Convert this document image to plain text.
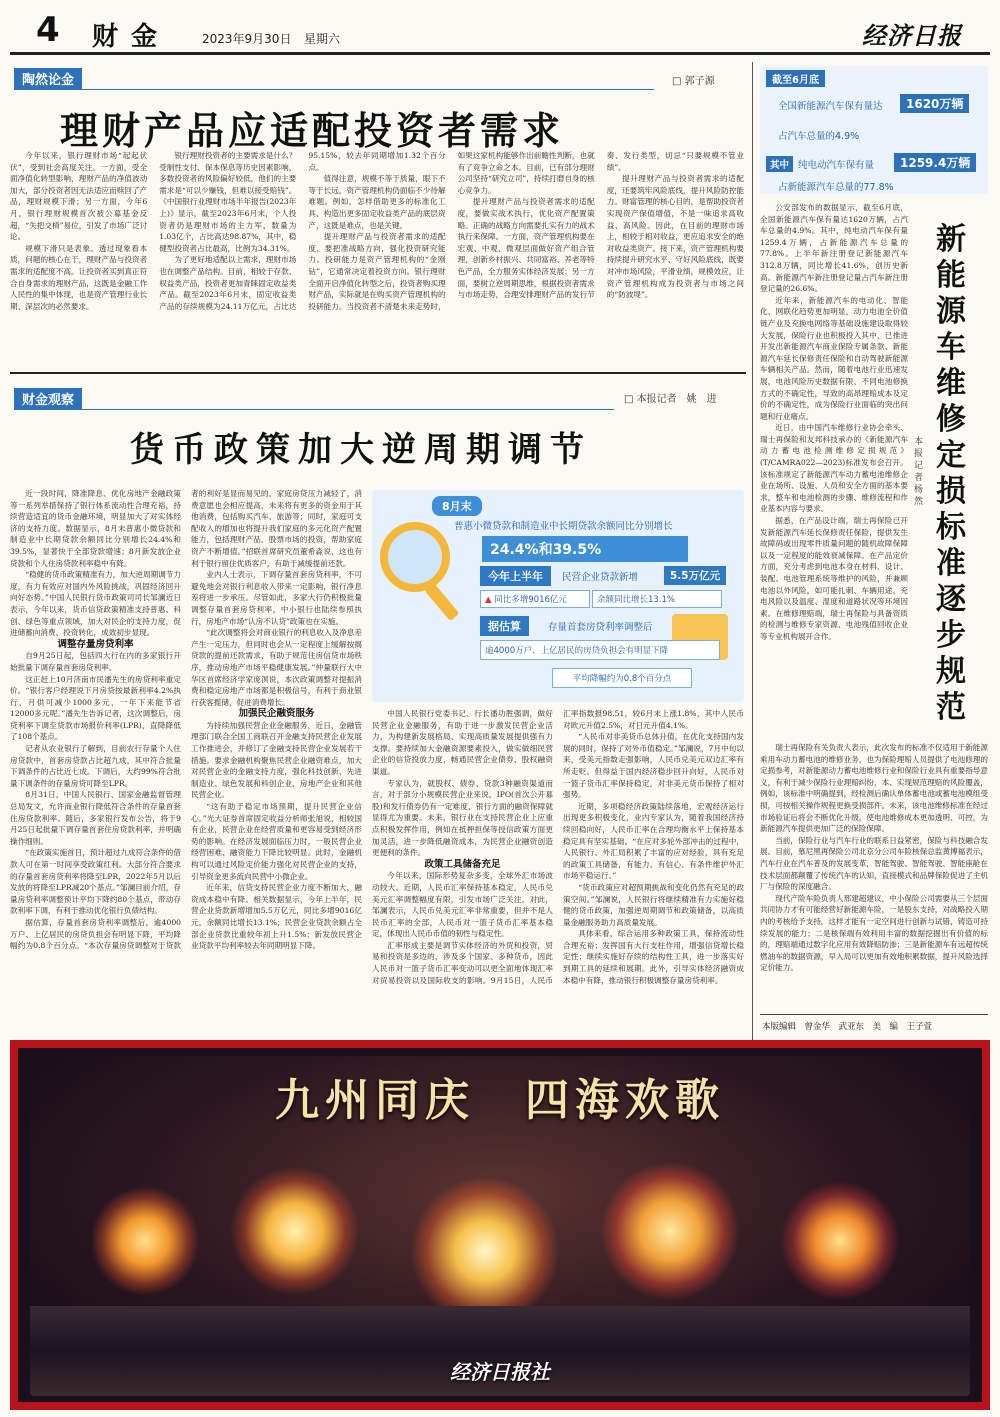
4 财 金	2023年9月30日 星期六	经济日报
陶然论金	□ 郭子源
理财产品应适配投资者需求

今年以来，银行理财市场“起起伏伏”，受到社会高度关注。一方面，受全面净值化转型影响，理财产品的净值波动加大，部分投资者因无法适应而赎回了产品，理财规模下滑；另一方面，今年6月，银行理财规模首次被公募基金反超，“失把交椅”易位，引发了市场广泛讨论。

规模下滑只是表象。透过现象看本质，问题的核心在于，理财产品与投资者需求的适配度不高。让投资者买到真正符合自身需求的理财产品，这既是金融工作人民性的集中体现，也是资产管理行业长期、深层次的必然要求。

银行理财投资者的主要需求是什么？受制性支付、保本保息等历史因素影响，多数投资者的风险偏好较低，他们的主要需求是“可以少赚钱，但难以接受赔钱”。《中国银行业理财市场半年报告(2023年上)》显示，截至2023年6月末，个人投资者仍是理财市场的主力军，数量为1.03亿个，占比高达98.87%，其中，稳健型投资者占比最高，比例为34.31%。

为了更好地适配以上需求，理财市场也在调整产品结构。目前，相较于存款、权益类产品，投资者更加青睐固定收益类产品。截至2023年6月末，固定收益类产品的存续规模为24.11万亿元，占比达95.15%，较去年同期增加1.32个百分点。

值得注意，规模不等于质量，眼下不等于长远，资产管理机构仍面临不少待解难题。例如，怎样借助更多的标准化工具、构造出更多固定收益类产品的底层资产，这既是难点，也是关键。

提升理财产品与投资者需求的适配度，要把准战略方向，强化投资研究能力。投研能力是资产管理机构的“金刚钻”，它通常决定着投资方向。银行理财全面开启净值化转型之后，投资者购买理财产品，实际就是在购买资产管理机构的投研能力。当投资者不清楚未来走势时，如果这家机构能够作出前瞻性判断，也就有了竞争立命之本。目前，已有部分理财公司坚持“研究立司”，持续打磨自身的核心竞争力。

提升理财产品与投资者需求的适配度，要做实战术执行，优化资产配置策略。正确的战略方向需要扎实有力的战术执行来保障。一方面，资产管理机构要在宏观、中观、微观层面做好资产组合管理，创新乡村振兴、共同富裕、养老等特色产品，全方服务实体经济发展；另一方面，要树立逆周期思维，根据投资者需求与市场走势，合理安排理财产品的发行节奏、发行类型，切忌“只要规模不管业绩”。

提升理财产品与投资者需求的适配度，还要筑牢风险底线，提升风险防控能力。财富管理的核心目的，是帮助投资者实现资产保值增值，不是一味追求高收益、高风险。因此，在目前的理财市场上，相较于相对收益，更应追求安全的绝对收益类资产。接下来，资产管理机构要持续提升研究水平、守好风险底线，既要对冲市场风险，平滑业绩，规模效应，让资产管理机构成为投资者与市场之间的“防波堤”。

财金观察	□ 本报记者　姚　进
货币政策加大逆周期调节

近一段时间，降准降息、优化房地产金融政策等一系列举措保持了银行体系流动性合理充裕，持续营造适宜的货币金融环境，明显加大了对实体经济的支持力度。数据显示，8月末普惠小微贷款和制造业中长期贷款余额同比分别增长24.4%和39.5%，显著快于全部贷款增速；8月新发放企业贷款和个人住房贷款利率稳中有降。

“稳健的货币政策精准有力，加大逆周期调节力度，有力有效应对国内外风险挑战，巩固经济回升向好态势。”中国人民银行货币政策司司长邹澜近日表示，今年以来，货币信贷政策精准支持普惠、科创、绿色等重点领域，加大对民企的支持力度，促进储蓄向消费、投资转化，成效初步显现。

调整存量房贷利率

自9月25日起，包括四大行在内的多家银行开始批量下调存量首套房贷利率。

这正赶上10月济南市民潘先生的房贷利率重定价。“银行客户经理说下月房贷按最新利率4.2%执行，月供可减少1000多元，一年下来能节省12000多元呢。”潘先生告诉记者，这次调整后，房贷利率下调至贷款市场报价利率(LPR)，直降降低了108个基点。

记者从农业银行了解到，目前农行存量个人住房贷款中，首套房贷款占比超九成，其中符合批量下调条件的占比近七成。下调后，大约99%符合批量下调条件的存量房贷可降至LPR。

8月31日，中国人民银行、国家金融监督管理总局发文，允许商业银行降低符合条件的存量首套住房贷款利率。随后，多家银行发布公告，将于9月25日起批量下调存量首套住房贷款利率，并明确操作细则。

“在政策实施首日，预计超过九成符合条件的借款人可在第一时间享受政策红利。大部分符合要求的存量首套房贷利率将降至LPR，2022年5月以后发放的将降至LPR减20个基点。”邹澜目前介绍，存量房贷利率调整预计平均下降约80个基点，带动存款利率下调，有利于推动优化银行负债结构。

据估算，存量首套房贷利率调整后，逾4000万户、上亿居民的房贷负担会有明显下降，平均降幅约为0.8个百分点。“本次存量房贷调整对于贷款者的利好是显而易见的。家庭房贷压力减轻了，消费意愿也会相应提高，未来将有更多的资金用于其他消费，包括购买汽车、旅游等；同时，家庭可支配收入的增加也将提升我们家庭的多元化资产配置能力，包括理财产品、股票市场的投资，帮助家庭资产不断增值。”招联首席研究员董希淼说，这也有利于银行留住优质客户，有助于减缓提前还款。

业内人士表示，下调存量首套房贷利率，不可避免地会对银行利息收入带来一定影响，银行净息差将进一步承压。尽管如此，多家大行仍积极批量调整存量首套房贷利率，中小银行也陆续参照执行，房地产市场“认房不认贷”政策也在实施。

“此次调整将会对商业银行的利息收入及净息差产生一定压力，但同时也会从一定程度上缓解按揭贷款的提前还款需求，有助于规范住房信贷市场秩序，推动房地产市场平稳健康发展。”仲量联行大中华区首席经济学家庞溟说，本次政策调整对提振消费和稳定房地产市场都是积极信号，有利于商业银行获客揽储，促进消费增长。

加强民企融资服务

为持续加强民营企业金融服务，近日，金融管理部门联合全国工商联召开金融支持民营企业发展工作推进会，并修订了金融支持民营企业发展若干措施。要求金融机构聚焦民营企业融资难点，加大对民营企业的金融支持力度，强化科技创新、先进制造业、绿色发展和科创企业、房地产企业和其他民营企业。

“这有助于稳定市场预期，提升民营企业信心。”光大证券首席固定收益分析师张旭说，相较国有企业，民营企业在经营质量和更容易受到经济形势的影响。在经济发展面临压力时，一般民营企业经营困难、融资能力下降比较明显。此时，金融机构可以通过风险定价能力强化对民营企业的支持，引导资金更多流向民营中小微企业。

近年来，信贷支持民营企业力度不断加大，融资成本稳中有降。相关数据显示，今年上半年，民营企业贷款新增增加5.5万亿元，同比多增9016亿元，余额同比增长13.1%；民营企业贷款余额占全部企业贷款比重较年初上升1.5%；新发放民营企业贷款平均利率较去年同期明显下降。

8月末
普惠小微贷款和制造业中长期贷款余额同比分别增长
24.4%和39.5%
今年上半年	民营企业贷款新增	5.5万亿元
▲ 同比多增9016亿元	余额同比增长13.1%
据估算	存量首套房贷利率调整后
逾4000万户、上亿居民的房贷负担会有明显下降
平均降幅约为0.8个百分点

中国人民银行党委书记、行长潘功胜强调，做好民营企业金融服务，有助于进一步激发民营企业活力，为构建新发展格局、实现高质量发展提供强有力支撑。要持续加大金融资源要素投入，做实做细民营企业的信贷投放力度，畅通民营企业债券、股权融资渠道。

专家认为，就股权、债券、贷款3种融资渠道而言，对于部分小规模民营企业来说，IPO(首次公开募股)和发行债券仍有一定难度，银行方面的融资保障就显得尤为重要。未来，银行业在支持民营企业上应重点积极发挥作用，例如在抵押担保等授信政策方面更加灵活，进一步降低融资成本，为民营企业融资创造更便利的条件。

政策工具储备充足

今年以来，国际形势复杂多变，全球外汇市场波动较大。近期，人民币汇率保持基本稳定，人民币兑美元汇率调整幅度有限，引发市场广泛关注。对此，邹澜表示，人民币兑美元汇率非常重要，但并不是人民币汇率的全部，人民币对一篮子货币汇率基本稳定，体现出人民币币值的韧性与稳定性。

汇率形成主要是调节实体经济的外贸和投资，贸易和投资是多边的，涉及多个国家、多种货币，因此人民币对一篮子货币汇率变动可以更全面地体现汇率对贸易投资以及国际收支的影响。9月15日，人民币汇率指数报98.51，较6月末上涨1.8%，其中人民币对欧元升值2.5%，对日元升值4.1%。

“人民币对非美货币总体升值，在优化支持国内发展的同时，保持了对外币值稳定。”邹澜说，7月中旬以来，受美元指数走强影响，人民币兑美元双边汇率有所走贬。但得益于国内经济稳步回升向好，人民币对一篮子货币汇率保持稳定，对非美元货币保持了相对强势。

近期，多项稳经济政策陆续落地，宏观经济运行出现更多积极变化，业内专家认为，随着我国经济持续回稳向好，人民币汇率在合理均衡水平上保持基本稳定具有坚实基础。“在应对多轮外部冲击的过程中，人民银行、外汇局积累了丰富的应对经验，具有充足的政策工具储备，有能力、有信心、有条件维护外汇市场平稳运行。”

“货币政策应对超预期挑战和变化仍然有充足的政策空间。”邹澜说，人民银行将继续精准有力实施好稳健的货币政策，加强逆周期调节和政策储备，以高质量金融服务助力高质量发展。

具体来看，综合运用多种政策工具，保持流动性合理充裕；发挥国有大行支柱作用，增强信贷增长稳定性；继续实施好存续的结构性工具，进一步落实好到期工具的延续和展期。此外，引导实体经济融资成本稳中有降，推动银行积极调整存量房贷利率。

截至6月底
全国新能源汽车保有量达	1620万辆
占汽车总量的4.9%
其中 纯电动汽车保有量	1259.4万辆
占新能源汽车总量的77.8%
新能源车维修定损标准逐步规范
本报记者　杨　然

公安部发布的数据显示，截至6月底，全国新能源汽车保有量达1620万辆，占汽车总量的4.9%。其中，纯电动汽车保有量1259.4万辆，占新能源汽车总量的77.8%。上半年新注册登记新能源汽车312.8万辆，同比增长41.6%，创历史新高。新能源汽车新注册登记量占汽车新注册登记量的26.6%。

近年来，新能源汽车的电动化、智能化、网联化趋势更加明显，动力电池全价值链产业及充换电网络等基础设施建设取得较大发展，保险行业也积极投入其中，已推进开发出新能源汽车商业保险专属条款、新能源汽车延长保修责任保险和自动驾驶新能源车辆相关产品。然而，随着电池行业迅速发展，电池风险历史数据有限、不同电池修换方式的不确定性，导致的高昂理赔成本及定价的不确定性，成为保险行业面临的突出问题和行业痛点。

近日，由中国汽车维修行业协会牵头、瑞士再保险和友邦科技承办的《新能源汽车动力蓄电池检测维修定损规范》(T/CAMRA022—2023)标准发布会召开。该标准规定了新能源汽车动力蓄电池维修企业在场所、设施、人员和安全方面的基本要求，整车和电池检测的步骤、维修流程和作业基本内容与要求。

据悉，在产品设计端，瑞士再保险已开发新能源汽车延长保修责任保险，提供发生故障码或出现零件质量问题的随机故障保障以及一定程度的能效衰减保障。在产品定价方面，充分考虑到电池本身在材料、设计、装配、电池管理系统等维护的风险，并兼顾电池以外风险，如可能扎刺、车辆用途、充电风险以及温度、湿度和道路状况等环境因素。在维修理赔端，瑞士再保险与具备资质的检测与维修专家资源、电池残值回收企业等专业机构展开合作。

瑞士再保险有关负责人表示，此次发布的标准不仅适用于新能源乘用车动力蓄电池的维修业务，也为保险理赔人员提供了电池修理的定损参考，对新能源动力蓄电池维修行业和保险行业具有重要指导意义，有利于减少保险行业理赔纠纷，本、实现规范理赔的风险覆盖，例如，该标准中明确提到，经检测后确认单体蓄电池或蓄电池模组受损，可按相关操作规程更换受损部件。未来，该电池维修标准在经过市场验证后将会不断优化升级，使电池维修成本更加透明、可控，为新能源汽车提供更加广泛的保险保障。

当前，保险行业与汽车行业的联系日益紧密，保险与科技融合发展。目前，慕尼黑再保险公司北京分公司车险核保总监黄博福表示，汽车行业在汽车普及的发展变革，智能驾驶、智能驾驶、智能座舱在技术层面都颠覆了传统汽车的认知，直接模式和品牌保险促进了主机厂与保险的深度融合。

现代产险车险负责人邢建超建议，中小保险公司需要从三个层面共同协力才有可能经营好新能源车险，一是股东支持，对战略投入期内的考核给予支持，这样才能有一定空间进行创新与试错，铸造可持续发展的能力；二是核保端有效利用丰富的数据挖掘出有价值的标的，理赔端通过数字化应用有效降赔防渗；三是新能源车有远超传统燃油车的数据资源，早入局可以更加有效地积累数据，提升风险选择定价能力。

本版编辑　曾金华　武亚东　美　编　王子萱
九州同庆　四海欢歌
经济日报社
